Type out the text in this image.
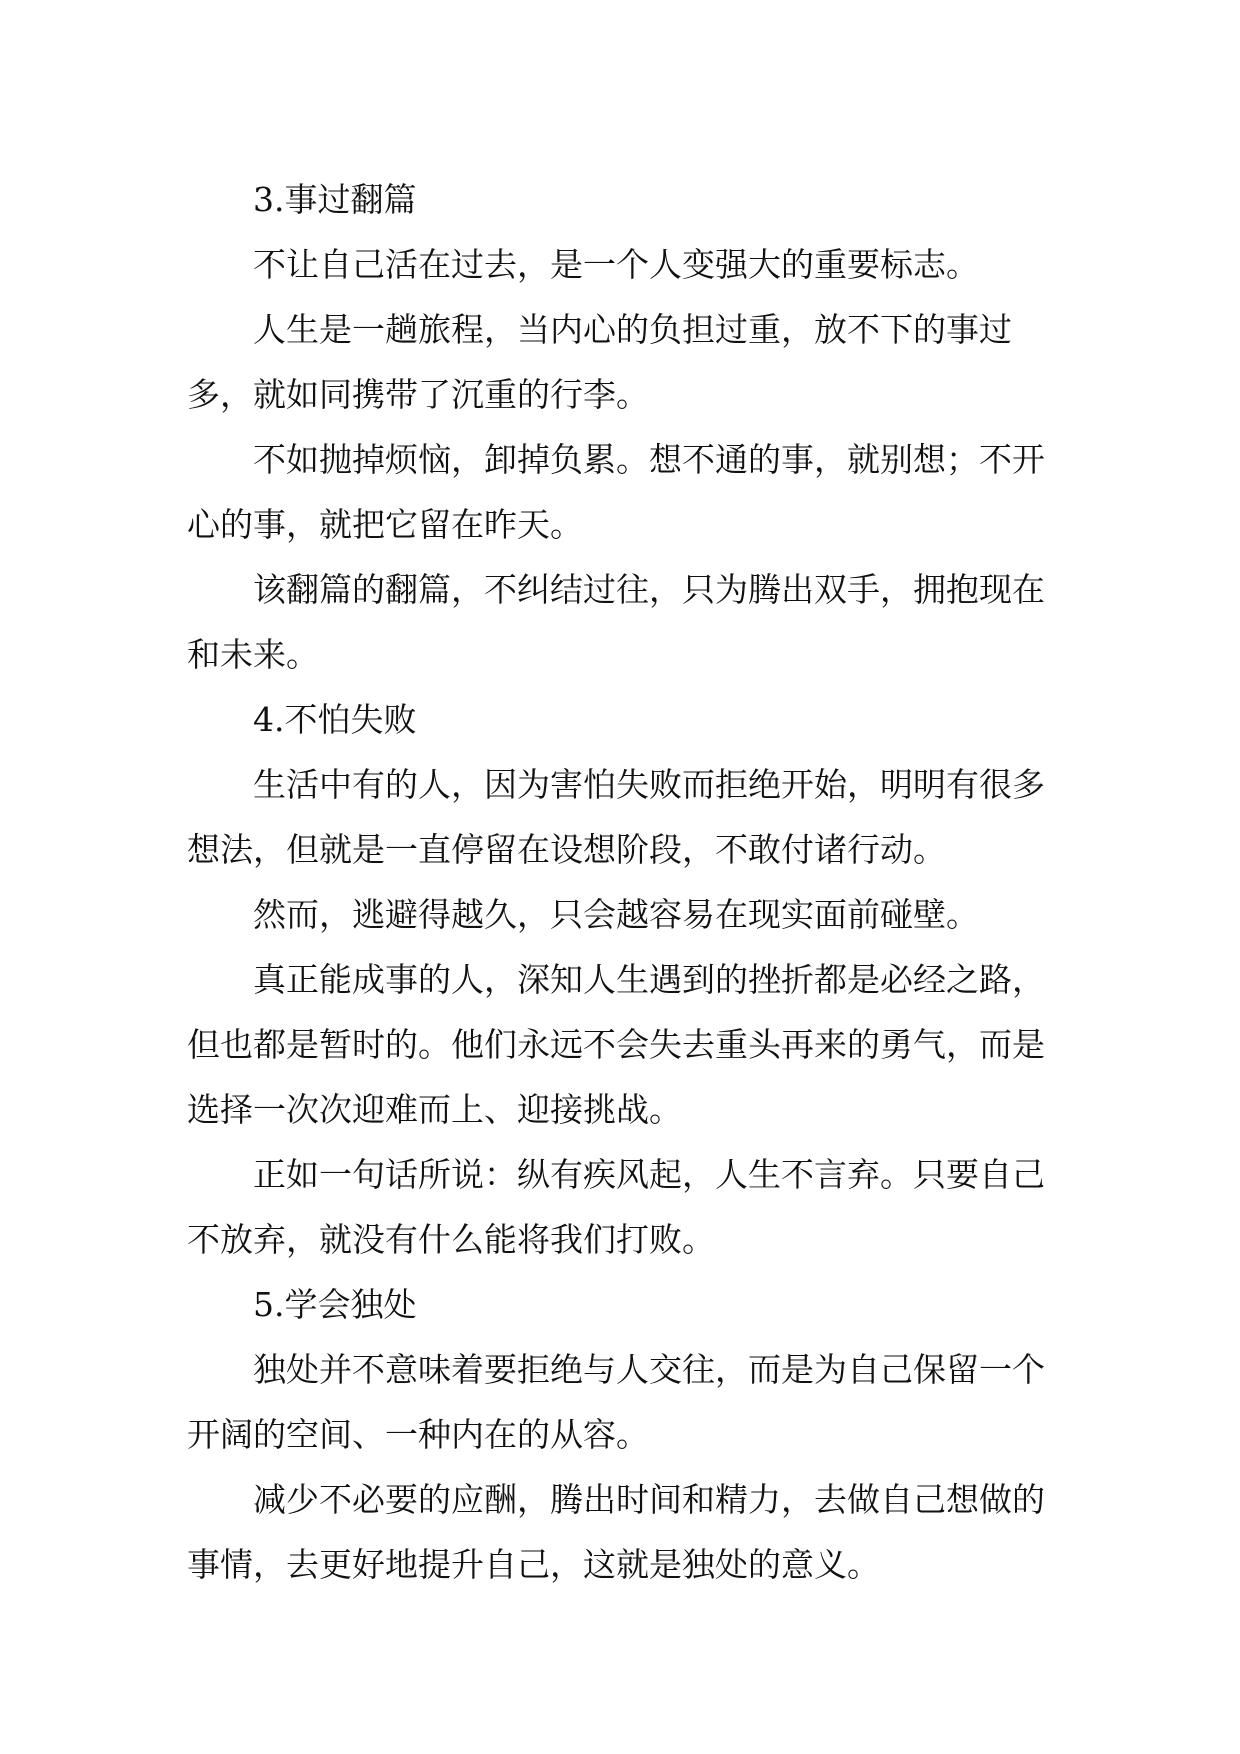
3.事过翻篇

不让自己活在过去，是一个人变强大的重要标志。

人生是一趟旅程，当内心的负担过重，放不下的事过多，就如同携带了沉重的行李。

不如抛掉烦恼，卸掉负累。想不通的事，就别想；不开心的事，就把它留在昨天。

该翻篇的翻篇，不纠结过往，只为腾出双手，拥抱现在和未来。

4.不怕失败

生活中有的人，因为害怕失败而拒绝开始，明明有很多想法，但就是一直停留在设想阶段，不敢付诸行动。

然而，逃避得越久，只会越容易在现实面前碰壁。

真正能成事的人，深知人生遇到的挫折都是必经之路，但也都是暂时的。他们永远不会失去重头再来的勇气，而是选择一次次迎难而上、迎接挑战。

正如一句话所说：纵有疾风起，人生不言弃。只要自己不放弃，就没有什么能将我们打败。

5.学会独处

独处并不意味着要拒绝与人交往，而是为自己保留一个开阔的空间、一种内在的从容。

减少不必要的应酬，腾出时间和精力，去做自己想做的事情，去更好地提升自己，这就是独处的意义。
